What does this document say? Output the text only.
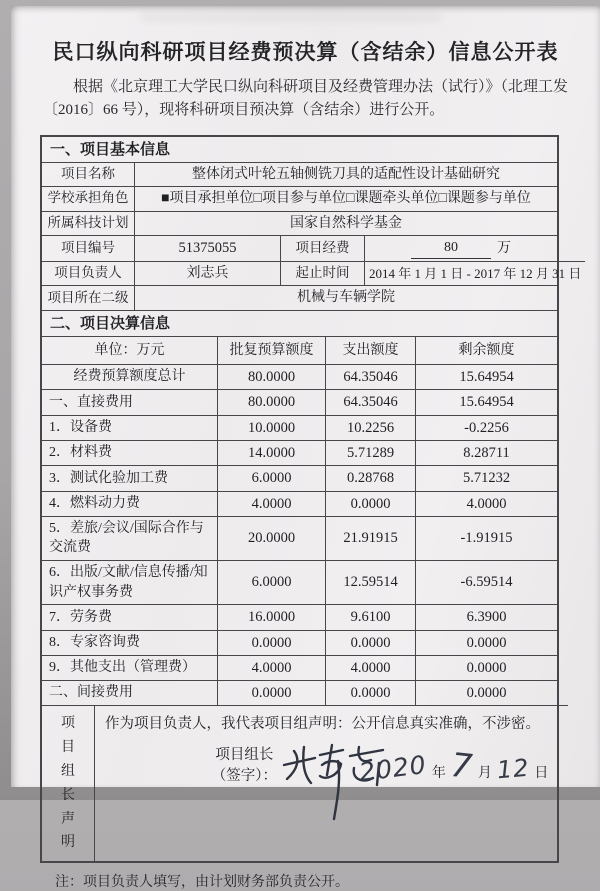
民口纵向科研项目经费预决算（含结余）信息公开表
根据《北京理工大学民口纵向科研项目及经费管理办法（试行）》（北理工发〔2016〕66 号），现将科研项目预决算（含结余）进行公开。
一、项目基本信息
项目名称	整体闭式叶轮五轴侧铣刀具的适配性设计基础研究
学校承担角色	■项目承担单位□项目参与单位□课题牵头单位□课题参与单位
所属科技计划	国家自然科学基金
项目编号	51375055	项目经费	80	万
项目负责人	刘志兵	起止时间	2014 年 1 月 1 日 - 2017 年 12 月 31 日
项目所在二级	机械与车辆学院
二、项目决算信息
单位：万元	批复预算额度	支出额度	剩余额度
经费预算额度总计	80.0000	64.35046	15.64954
一、直接费用	80.0000	64.35046	15.64954
1．设备费	10.0000	10.2256	-0.2256
2．材料费	14.0000	5.71289	8.28711
3．测试化验加工费	6.0000	0.28768	5.71232
4．燃料动力费	4.0000	0.0000	4.0000
5．差旅/会议/国际合作与交流费
20.0000	21.91915	-1.91915
6．出版/文献/信息传播/知识产权事务费
6.0000	12.59514	-6.59514
7．劳务费	16.0000	9.6100	6.3900
8．专家咨询费	0.0000	0.0000	0.0000
9．其他支出（管理费）	4.0000	4.0000	0.0000
二、间接费用	0.0000	0.0000	0.0000
项目组长声明
作为项目负责人，我代表项目组声明：公开信息真实准确，不涉密。
项目组长（签字）：	2020 年 7 月 12 日
注：项目负责人填写，由计划财务部负责公开。
